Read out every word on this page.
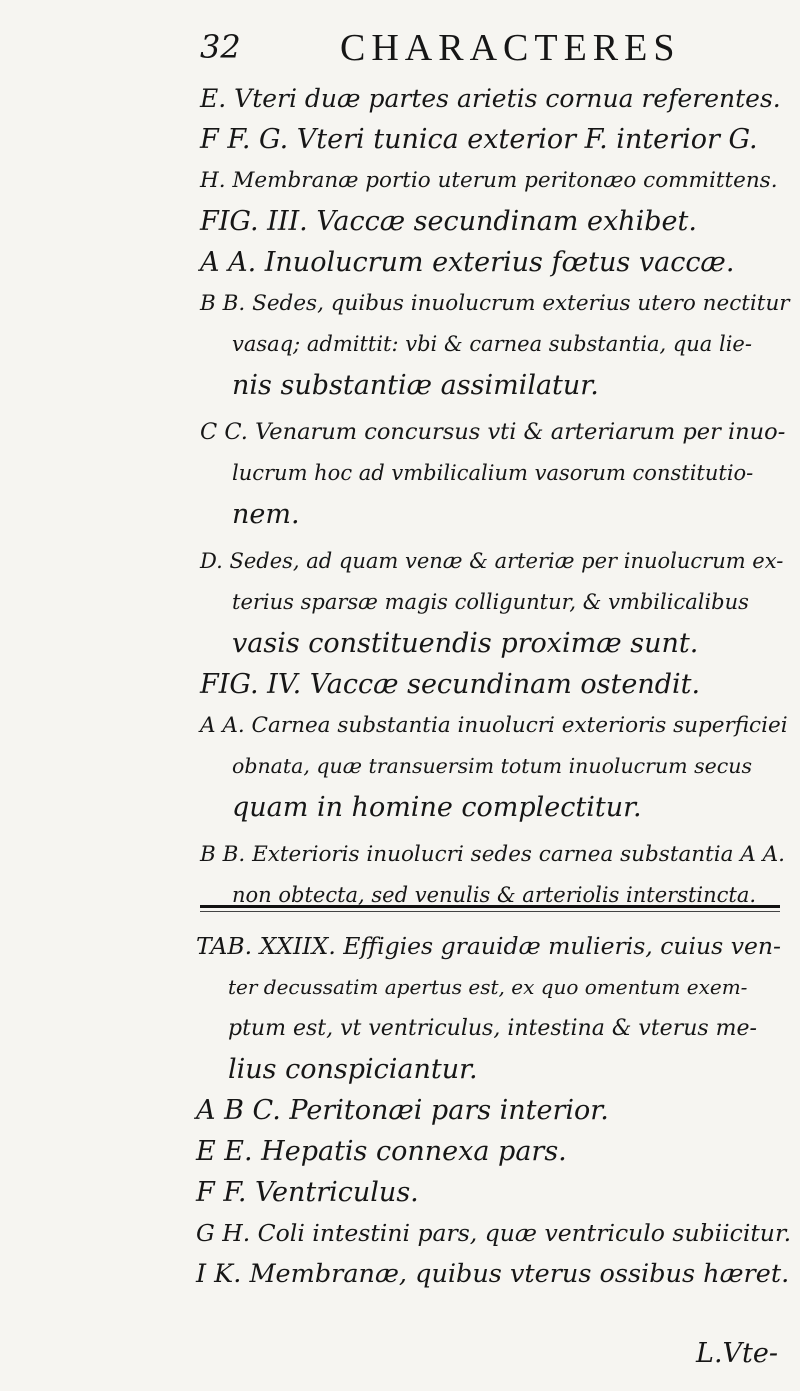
32	CHARACTERES
E. Vteri duæ partes arietis cornua referentes.
F F. G. Vteri tunica exterior F. interior G.
H. Membranæ portio uterum peritonæo committens.
FIG. III. Vaccæ secundinam exhibet.
A A. Inuolucrum exterius fœtus vaccæ.
B B. Sedes, quibus inuolucrum exterius utero nectitur
vasaq; admittit: vbi & carnea substantia, qua lie-
nis substantiæ assimilatur.
C C. Venarum concursus vti & arteriarum per inuo-
lucrum hoc ad vmbilicalium vasorum constitutio-
nem.
D. Sedes, ad quam venæ & arteriæ per inuolucrum ex-
terius sparsæ magis colliguntur, & vmbilicalibus
vasis constituendis proximæ sunt.
FIG. IV. Vaccæ secundinam ostendit.
A A. Carnea substantia inuolucri exterioris superficiei
obnata, quæ transuersim totum inuolucrum secus
quam in homine complectitur.
B B. Exterioris inuolucri sedes carnea substantia A A.
non obtecta, sed venulis & arteriolis interstincta.
TAB. XXIIX. Effigies grauidæ mulieris, cuius ven-
ter decussatim apertus est, ex quo omentum exem-
ptum est, vt ventriculus, intestina & vterus me-
lius conspiciantur.
A B C. Peritonæi pars interior.
E E. Hepatis connexa pars.
F F. Ventriculus.
G H. Coli intestini pars, quæ ventriculo subiicitur.
I K. Membranæ, quibus vterus ossibus hæret.
L.Vte-
